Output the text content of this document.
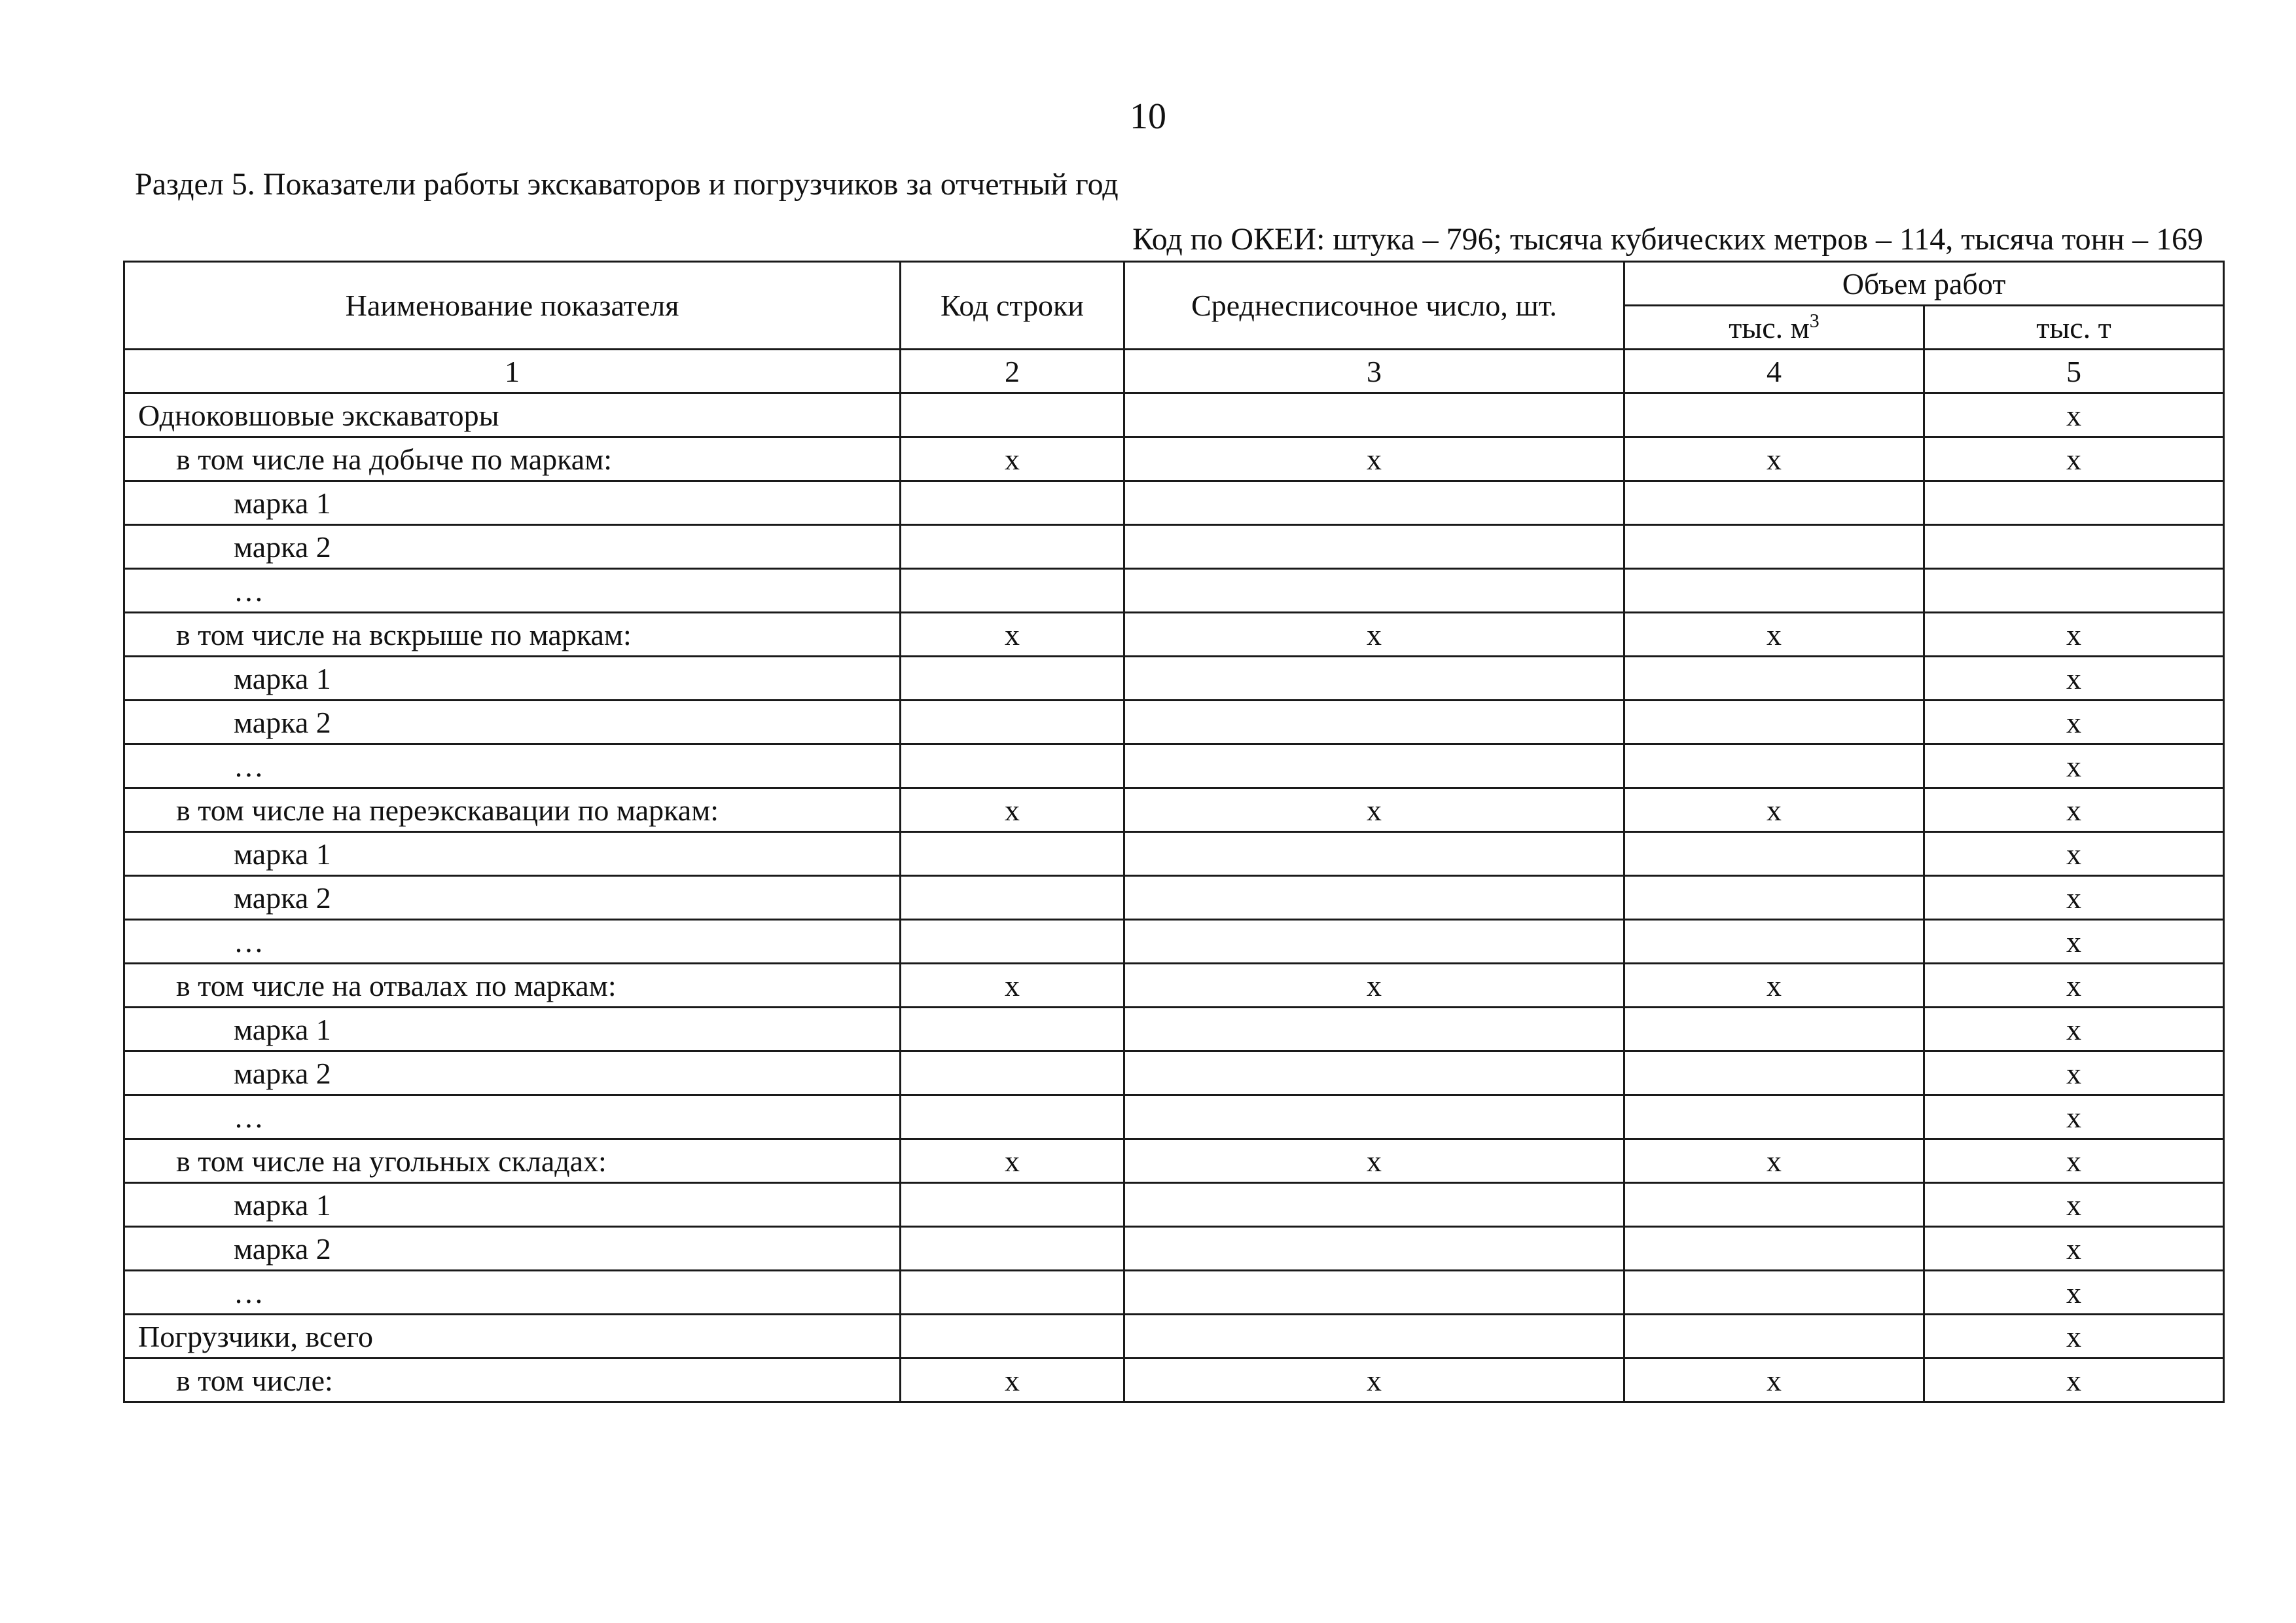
10
Раздел 5. Показатели работы экскаваторов и погрузчиков за отчетный год
Код по ОКЕИ: штука – 796; тысяча кубических метров – 114, тысяча тонн – 169
Наименование показателя	Код строки	Среднесписочное число, шт.	Объем работ	
			тыс. $м^3$	тыс. т
1	2	3	4	5
Одноковшовые экскаваторы				x
в том числе на добыче по маркам:	x	x	x	x
марка 1				
марка 2				
…				
в том числе на вскрыше по маркам:	x	x	x	x
марка 1				x
марка 2				x
…				x
в том числе на переэкскавации по маркам:	x	x	x	x
марка 1				x
марка 2				x
…				x
в том числе на отвалах по маркам:	x	x	x	x
марка 1				x
марка 2				x
…				x
в том числе на угольных складах:	x	x	x	x
марка 1				x
марка 2				x
…				x
Погрузчики, всего				x
в том числе:	x	x	x	x
